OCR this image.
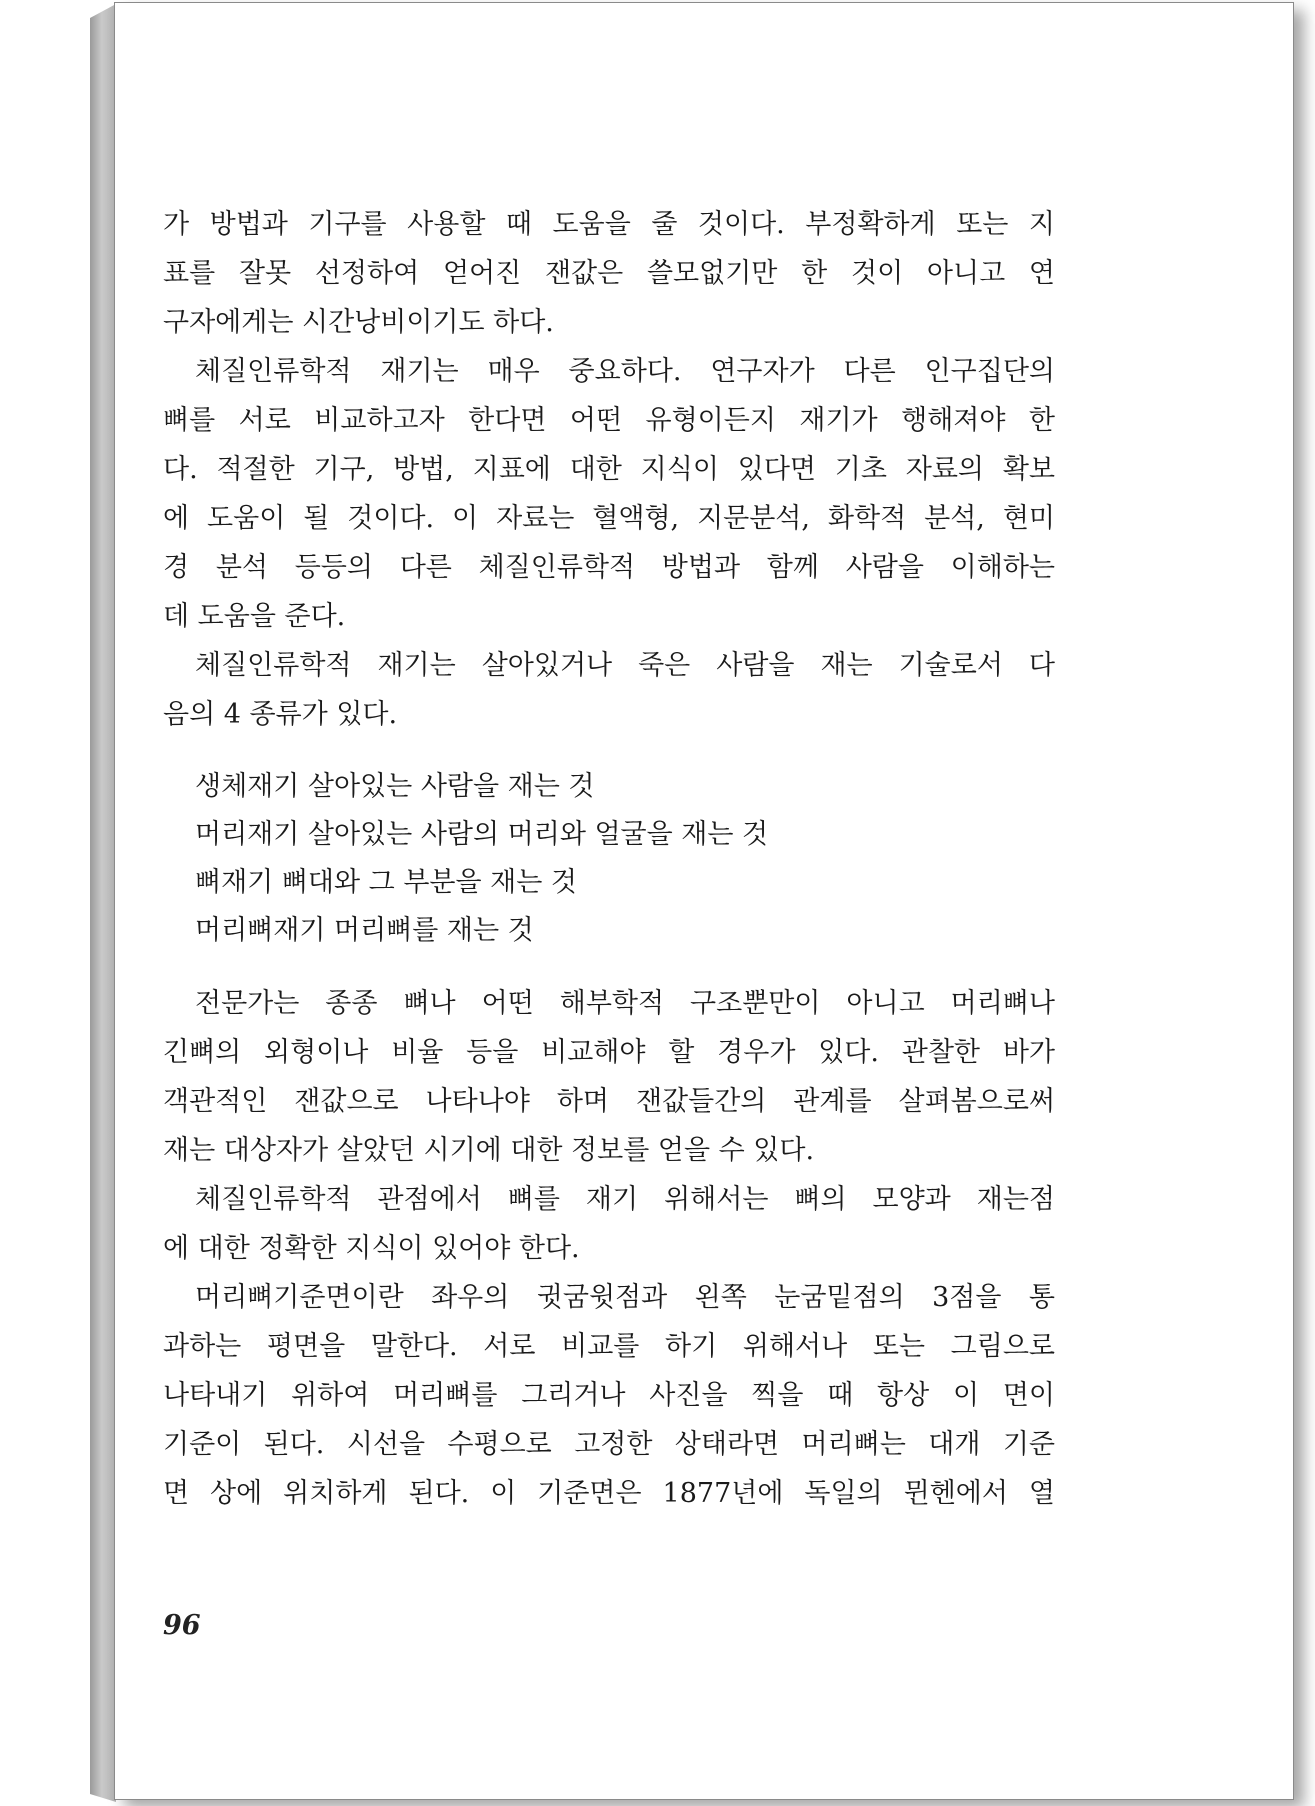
가 방법과 기구를 사용할 때 도움을 줄 것이다. 부정확하게 또는 지
표를 잘못 선정하여 얻어진 잰값은 쓸모없기만 한 것이 아니고 연
구자에게는 시간낭비이기도 하다.
체질인류학적 재기는 매우 중요하다. 연구자가 다른 인구집단의
뼈를 서로 비교하고자 한다면 어떤 유형이든지 재기가 행해져야 한
다. 적절한 기구, 방법, 지표에 대한 지식이 있다면 기초 자료의 확보
에 도움이 될 것이다. 이 자료는 혈액형, 지문분석, 화학적 분석, 현미
경 분석 등등의 다른 체질인류학적 방법과 함께 사람을 이해하는
데 도움을 준다.
체질인류학적 재기는 살아있거나 죽은 사람을 재는 기술로서 다
음의 4 종류가 있다.
생체재기 살아있는 사람을 재는 것
머리재기 살아있는 사람의 머리와 얼굴을 재는 것
뼈재기 뼈대와 그 부분을 재는 것
머리뼈재기 머리뼈를 재는 것
전문가는 종종 뼈나 어떤 해부학적 구조뿐만이 아니고 머리뼈나
긴뼈의 외형이나 비율 등을 비교해야 할 경우가 있다. 관찰한 바가
객관적인 잰값으로 나타나야 하며 잰값들간의 관계를 살펴봄으로써
재는 대상자가 살았던 시기에 대한 정보를 얻을 수 있다.
체질인류학적 관점에서 뼈를 재기 위해서는 뼈의 모양과 재는점
에 대한 정확한 지식이 있어야 한다.
머리뼈기준면이란 좌우의 귓굼윗점과 왼쪽 눈굼밑점의 3점을 통
과하는 평면을 말한다. 서로 비교를 하기 위해서나 또는 그림으로
나타내기 위하여 머리뼈를 그리거나 사진을 찍을 때 항상 이 면이
기준이 된다. 시선을 수평으로 고정한 상태라면 머리뼈는 대개 기준
면 상에 위치하게 된다. 이 기준면은 1877년에 독일의 뮌헨에서 열
96
